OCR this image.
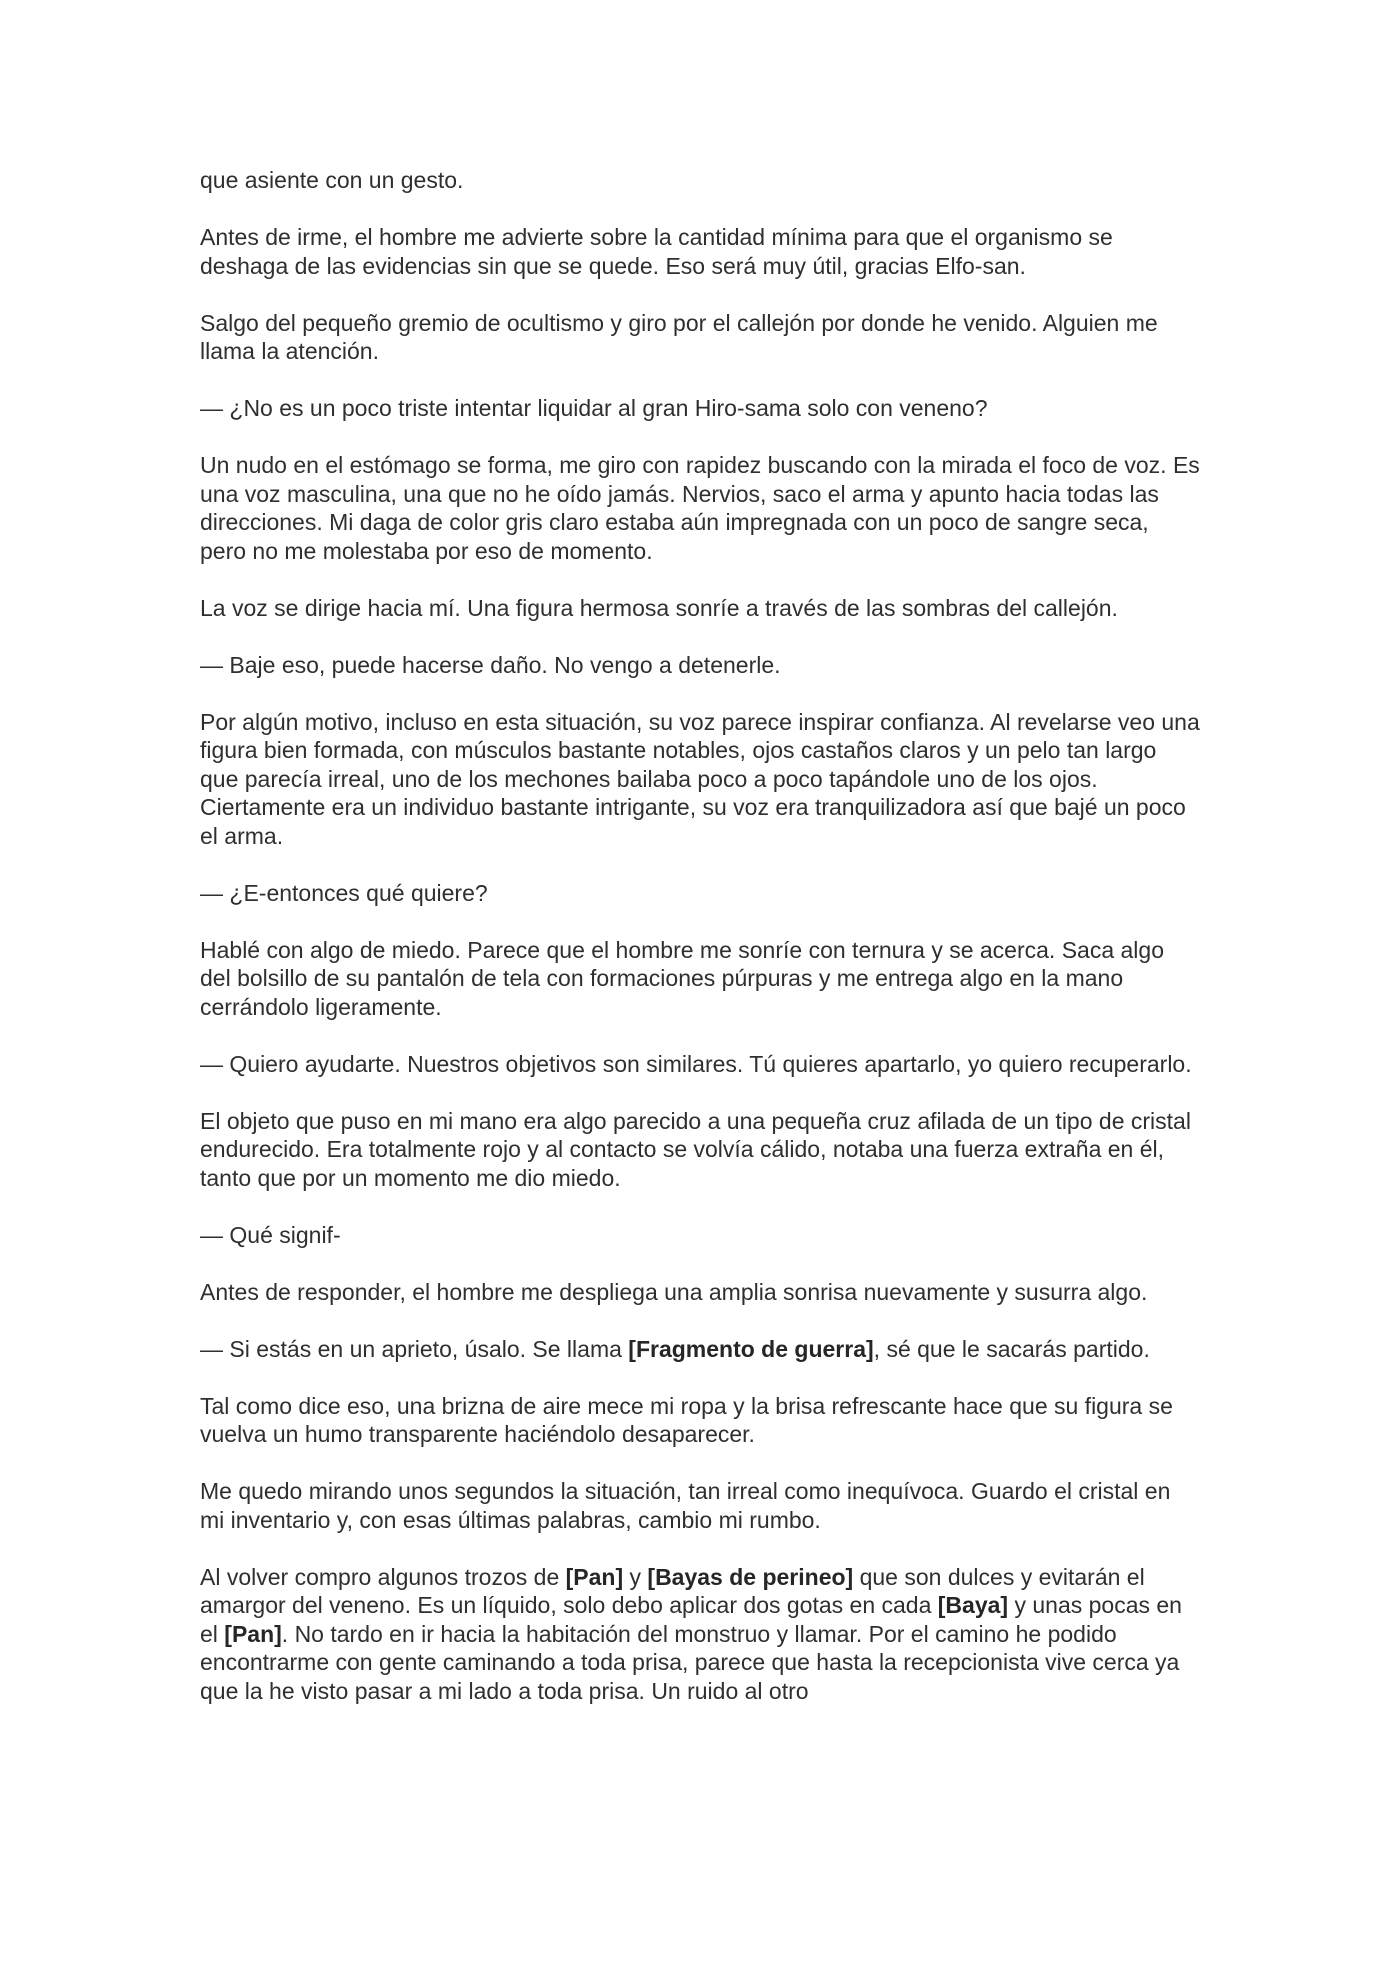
que asiente con un gesto.

Antes de irme, el hombre me advierte sobre la cantidad mínima para que el organismo se deshaga de las evidencias sin que se quede. Eso será muy útil, gracias Elfo-san.

Salgo del pequeño gremio de ocultismo y giro por el callejón por donde he venido. Alguien me llama la atención.

— ¿No es un poco triste intentar liquidar al gran Hiro-sama solo con veneno?

Un nudo en el estómago se forma, me giro con rapidez buscando con la mirada el foco de voz. Es una voz masculina, una que no he oído jamás. Nervios, saco el arma y apunto hacia todas las direcciones. Mi daga de color gris claro estaba aún impregnada con un poco de sangre seca, pero no me molestaba por eso de momento.

La voz se dirige hacia mí. Una figura hermosa sonríe a través de las sombras del callejón.

— Baje eso, puede hacerse daño. No vengo a detenerle.

Por algún motivo, incluso en esta situación, su voz parece inspirar confianza. Al revelarse veo una figura bien formada, con músculos bastante notables, ojos castaños claros y un pelo tan largo que parecía irreal, uno de los mechones bailaba poco a poco tapándole uno de los ojos. Ciertamente era un individuo bastante intrigante, su voz era tranquilizadora así que bajé un poco el arma.

— ¿E-entonces qué quiere?

Hablé con algo de miedo. Parece que el hombre me sonríe con ternura y se acerca. Saca algo del bolsillo de su pantalón de tela con formaciones púrpuras y me entrega algo en la mano cerrándolo ligeramente.

— Quiero ayudarte. Nuestros objetivos son similares. Tú quieres apartarlo, yo quiero recuperarlo.

El objeto que puso en mi mano era algo parecido a una pequeña cruz afilada de un tipo de cristal endurecido. Era totalmente rojo y al contacto se volvía cálido, notaba una fuerza extraña en él, tanto que por un momento me dio miedo.

— Qué signif-

Antes de responder, el hombre me despliega una amplia sonrisa nuevamente y susurra algo.

— Si estás en un aprieto, úsalo. Se llama [Fragmento de guerra], sé que le sacarás partido.

Tal como dice eso, una brizna de aire mece mi ropa y la brisa refrescante hace que su figura se vuelva un humo transparente haciéndolo desaparecer.

Me quedo mirando unos segundos la situación, tan irreal como inequívoca. Guardo el cristal en mi inventario y, con esas últimas palabras, cambio mi rumbo.

Al volver compro algunos trozos de [Pan] y [Bayas de perineo] que son dulces y evitarán el amargor del veneno. Es un líquido, solo debo aplicar dos gotas en cada [Baya] y unas pocas en el [Pan]. No tardo en ir hacia la habitación del monstruo y llamar. Por el camino he podido encontrarme con gente caminando a toda prisa, parece que hasta la recepcionista vive cerca ya que la he visto pasar a mi lado a toda prisa. Un ruido al otro
